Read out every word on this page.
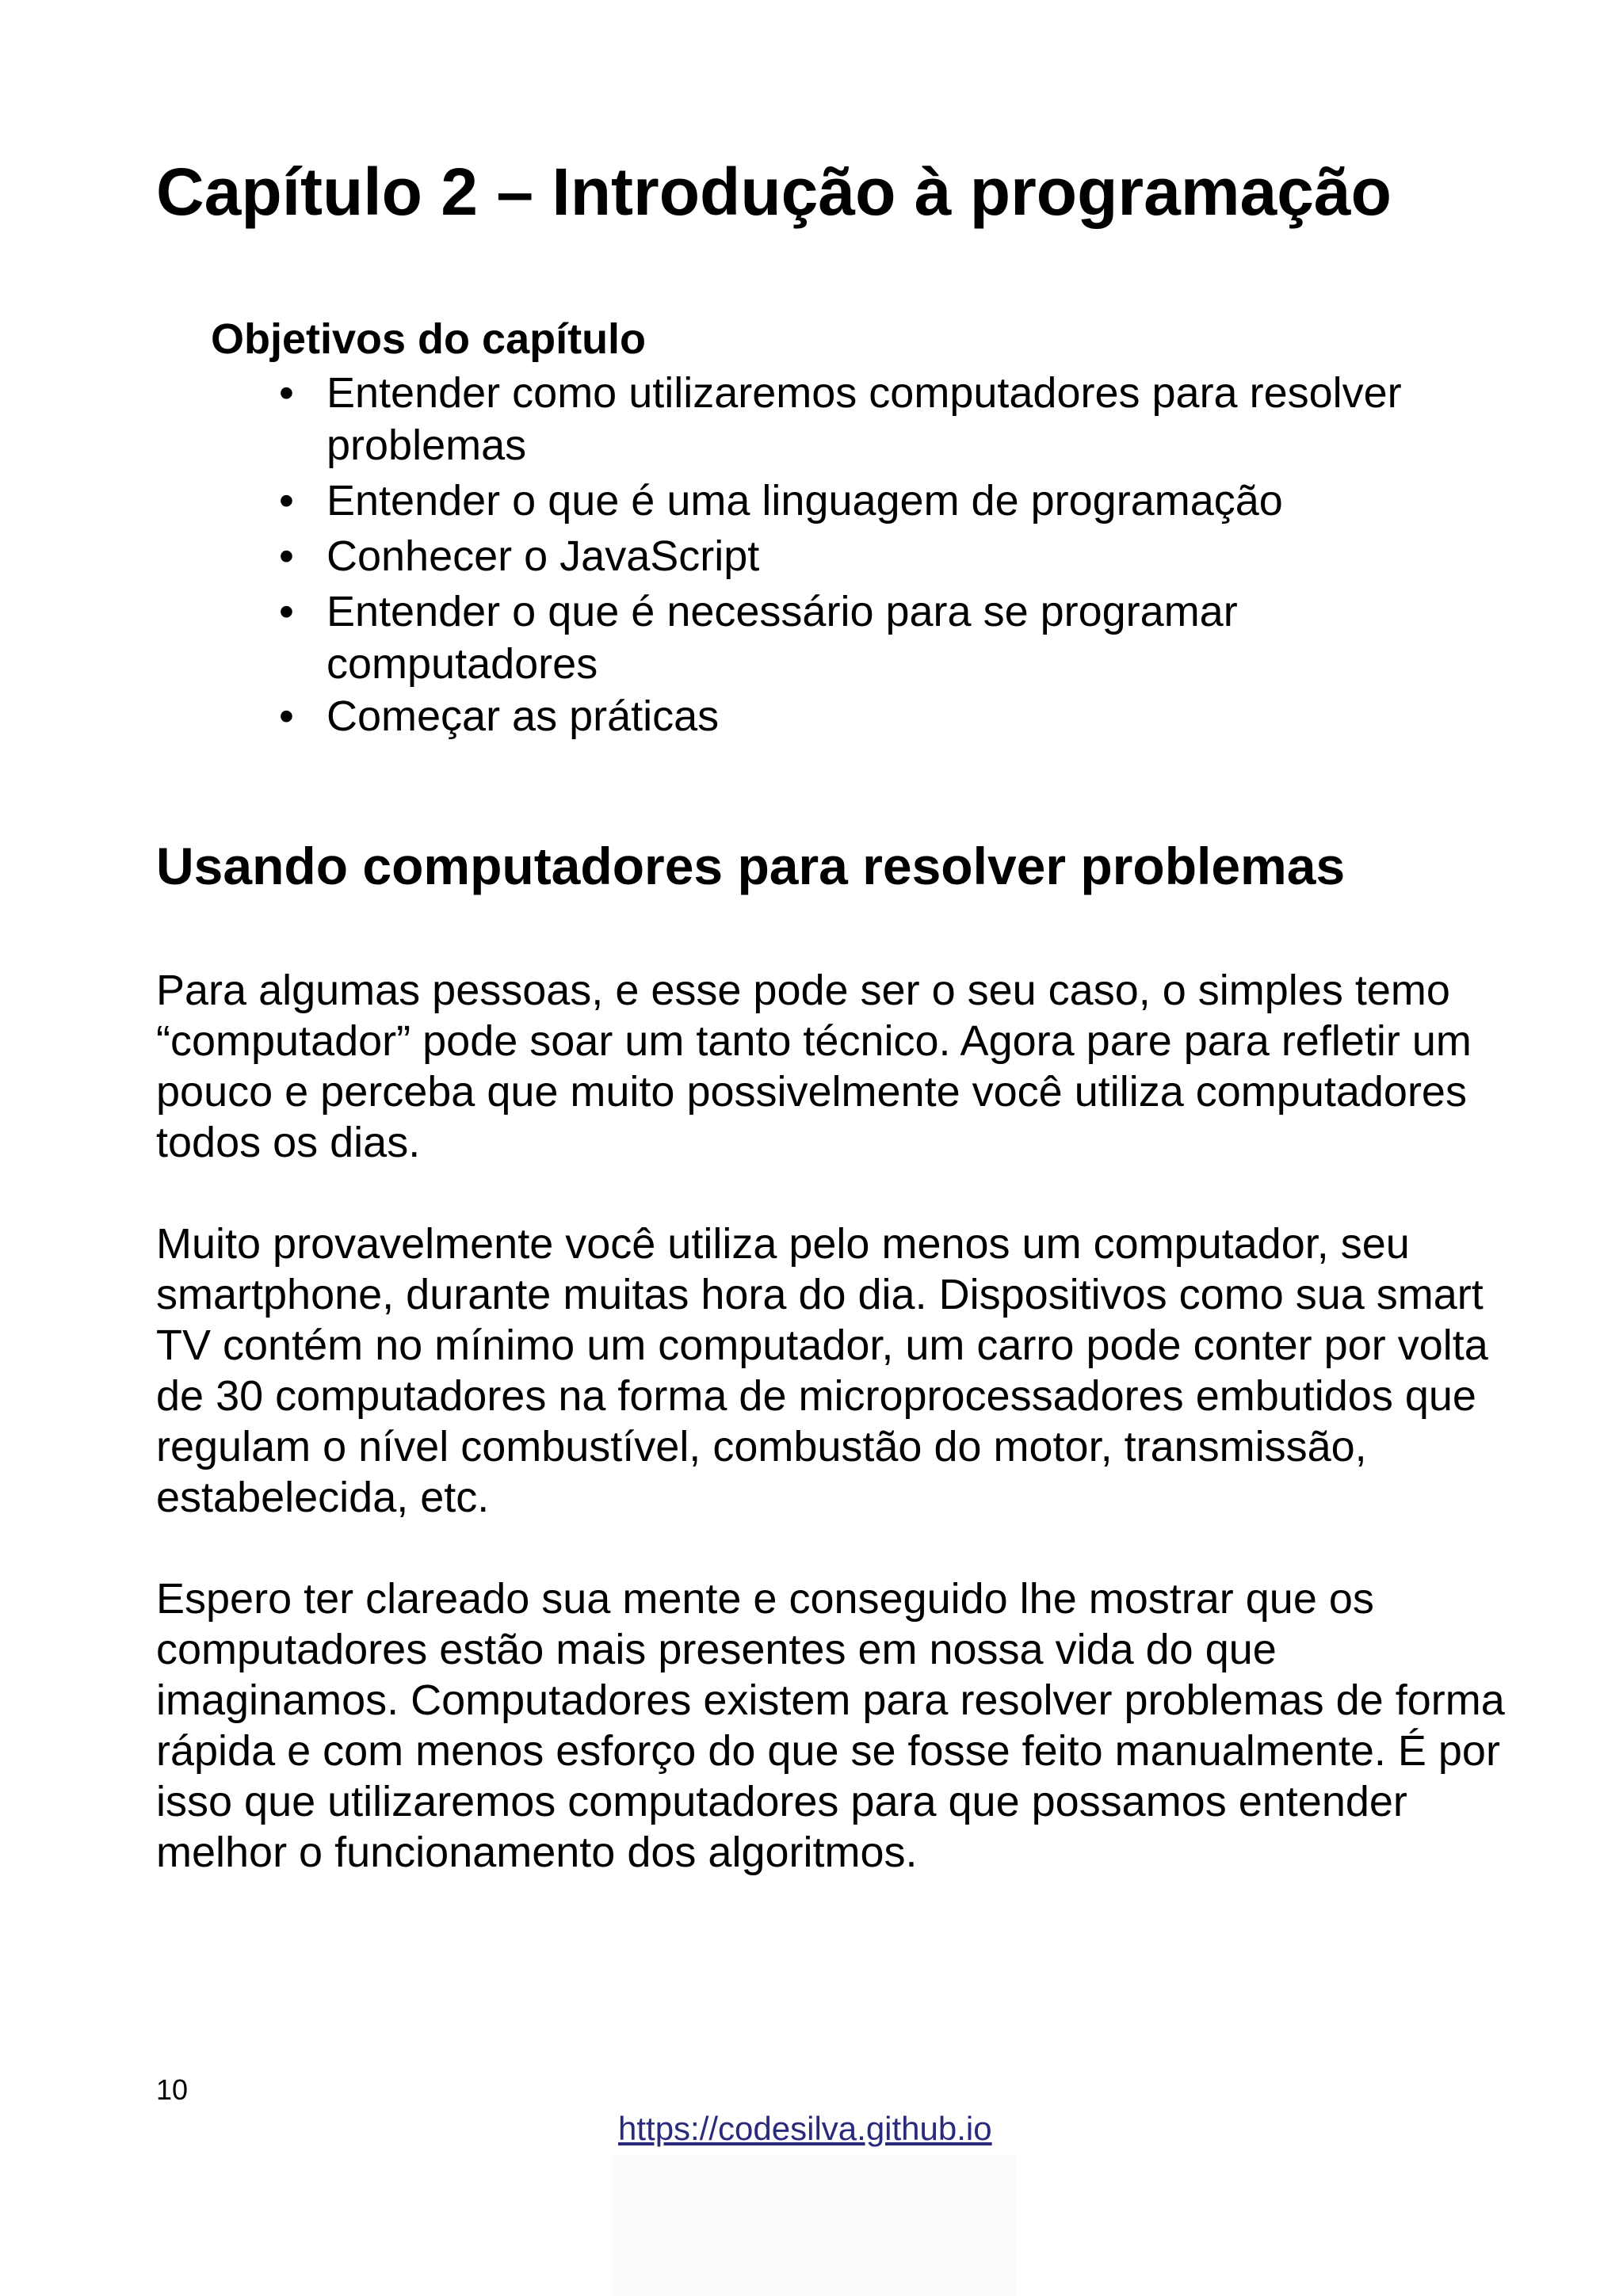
Capítulo 2 – Introdução à programação
Objetivos do capítulo
• Entender como utilizaremos computadores para resolver problemas
• Entender o que é uma linguagem de programação
• Conhecer o JavaScript
• Entender o que é necessário para se programar computadores
• Começar as práticas
Usando computadores para resolver problemas

Para algumas pessoas, e esse pode ser o seu caso, o simples temo “computador” pode soar um tanto técnico. Agora pare para refletir um pouco e perceba que muito possivelmente você utiliza computadores todos os dias.

Muito provavelmente você utiliza pelo menos um computador, seu smartphone, durante muitas hora do dia. Dispositivos como sua smart TV contém no mínimo um computador, um carro pode conter por volta de 30 computadores na forma de microprocessadores embutidos que regulam o nível combustível, combustão do motor, transmissão, estabelecida, etc.

Espero ter clareado sua mente e conseguido lhe mostrar que os computadores estão mais presentes em nossa vida do que imaginamos. Computadores existem para resolver problemas de forma rápida e com menos esforço do que se fosse feito manualmente. É por isso que utilizaremos computadores para que possamos entender melhor o funcionamento dos algoritmos.

10
https://codesilva.github.io
